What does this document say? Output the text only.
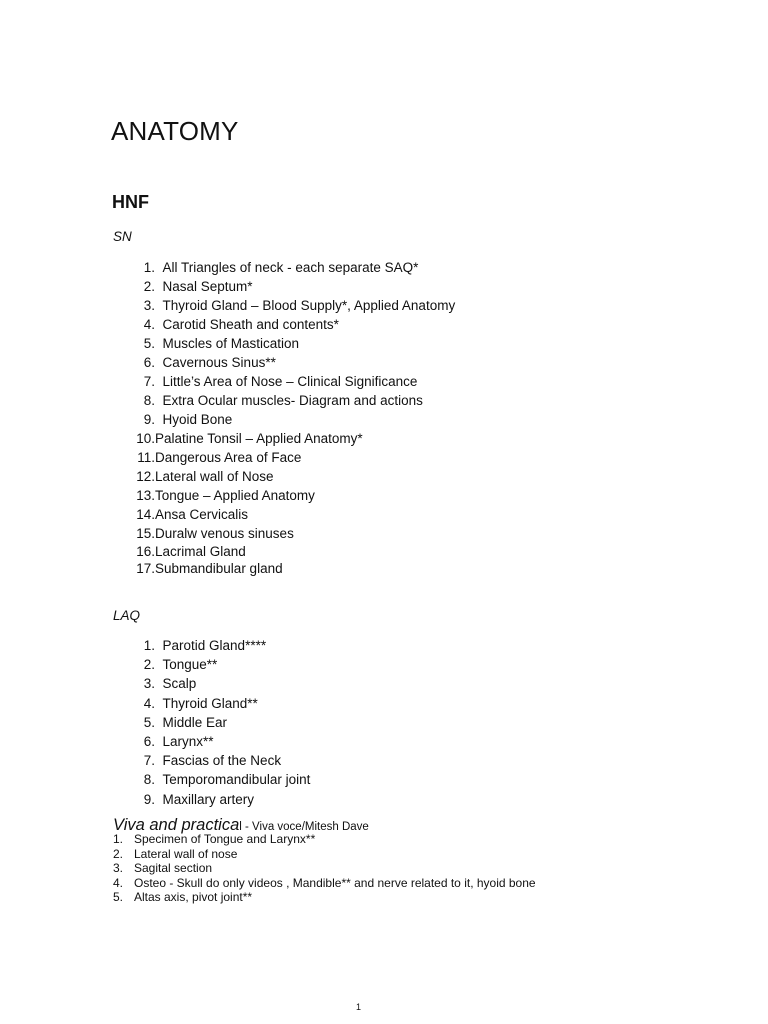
ANATOMY
HNF
SN
1.
All Triangles of neck - each separate SAQ*
2.
Nasal Septum*
3.
Thyroid Gland – Blood Supply*, Applied Anatomy
4.
Carotid Sheath and contents*
5.
Muscles of Mastication
6.
Cavernous Sinus**
7.
Little’s Area of Nose – Clinical Significance
8.
Extra Ocular muscles- Diagram and actions
9.
Hyoid Bone
10. Palatine Tonsil – Applied Anatomy*
11. Dangerous Area of Face
12. Lateral wall of Nose
13. Tongue – Applied Anatomy
14. Ansa Cervicalis
15. Duralw venous sinuses
16. Lacrimal Gland
17. Submandibular gland
LAQ
1.
Parotid Gland****
2.
Tongue**
3.
Scalp
4.
Thyroid Gland**
5.
Middle Ear
6.
Larynx**
7.
Fascias of the Neck
8.
Temporomandibular joint
9.
Maxillary artery
Viva and practical - Viva voce/Mitesh Dave
1. Specimen of Tongue and Larynx**
2. Lateral wall of nose
3. Sagital section
4. Osteo - Skull do only videos , Mandible** and nerve related to it, hyoid bone
5. Altas axis, pivot joint**
1
